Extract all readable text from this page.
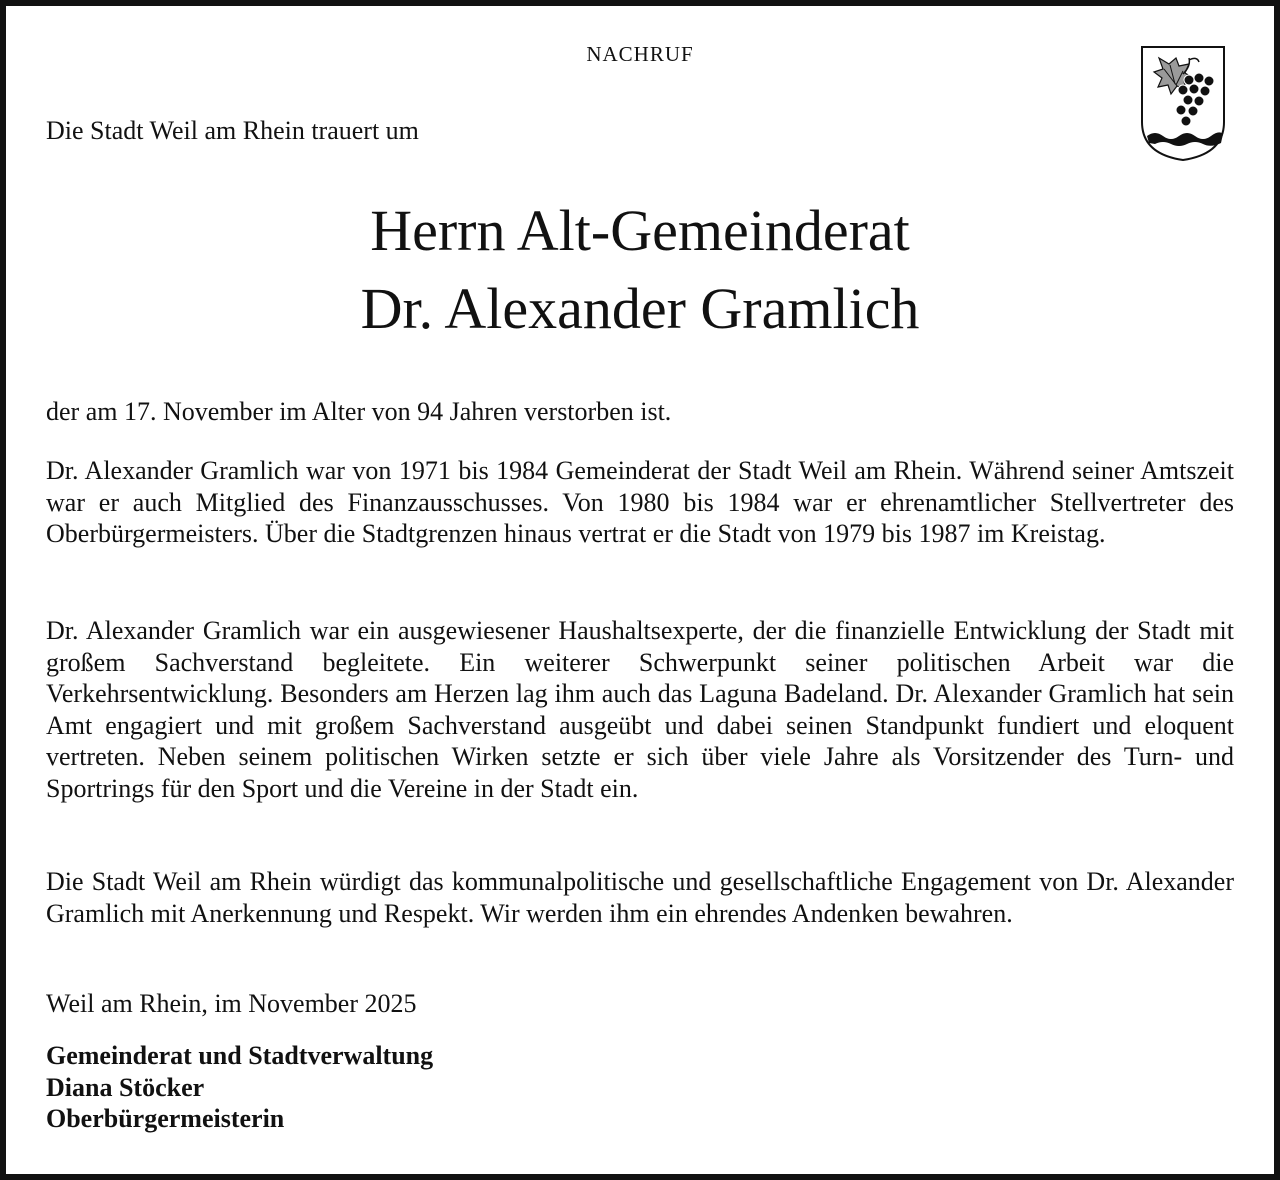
NACHRUF
Die Stadt Weil am Rhein trauert um
Herrn Alt-Gemeinderat
Dr. Alexander Gramlich

der am 17. November im Alter von 94 Jahren verstorben ist.

Dr. Alexander Gramlich war von 1971 bis 1984 Gemeinderat der Stadt Weil am Rhein. Während seiner Amtszeit war er auch Mitglied des Finanzausschusses. Von 1980 bis 1984 war er ehrenamtlicher Stellvertreter des Oberbürgermeisters. Über die Stadtgrenzen hinaus vertrat er die Stadt von 1979 bis 1987 im Kreistag.

Dr. Alexander Gramlich war ein ausgewiesener Haushaltsexperte, der die finanzielle Entwicklung der Stadt mit großem Sachverstand begleitete. Ein weiterer Schwerpunkt seiner politischen Arbeit war die Verkehrsentwicklung. Besonders am Herzen lag ihm auch das Laguna Badeland. Dr. Alexander Gramlich hat sein Amt engagiert und mit großem Sachverstand ausgeübt und dabei seinen Standpunkt fundiert und eloquent vertreten. Neben seinem politischen Wirken setzte er sich über viele Jahre als Vorsitzender des Turn- und Sportrings für den Sport und die Vereine in der Stadt ein.

Die Stadt Weil am Rhein würdigt das kommunalpolitische und gesellschaftliche Engagement von Dr. Alexander Gramlich mit Anerkennung und Respekt. Wir werden ihm ein ehrendes Andenken bewahren.

Weil am Rhein, im November 2025

Gemeinderat und Stadtverwaltung
Diana Stöcker
Oberbürgermeisterin
